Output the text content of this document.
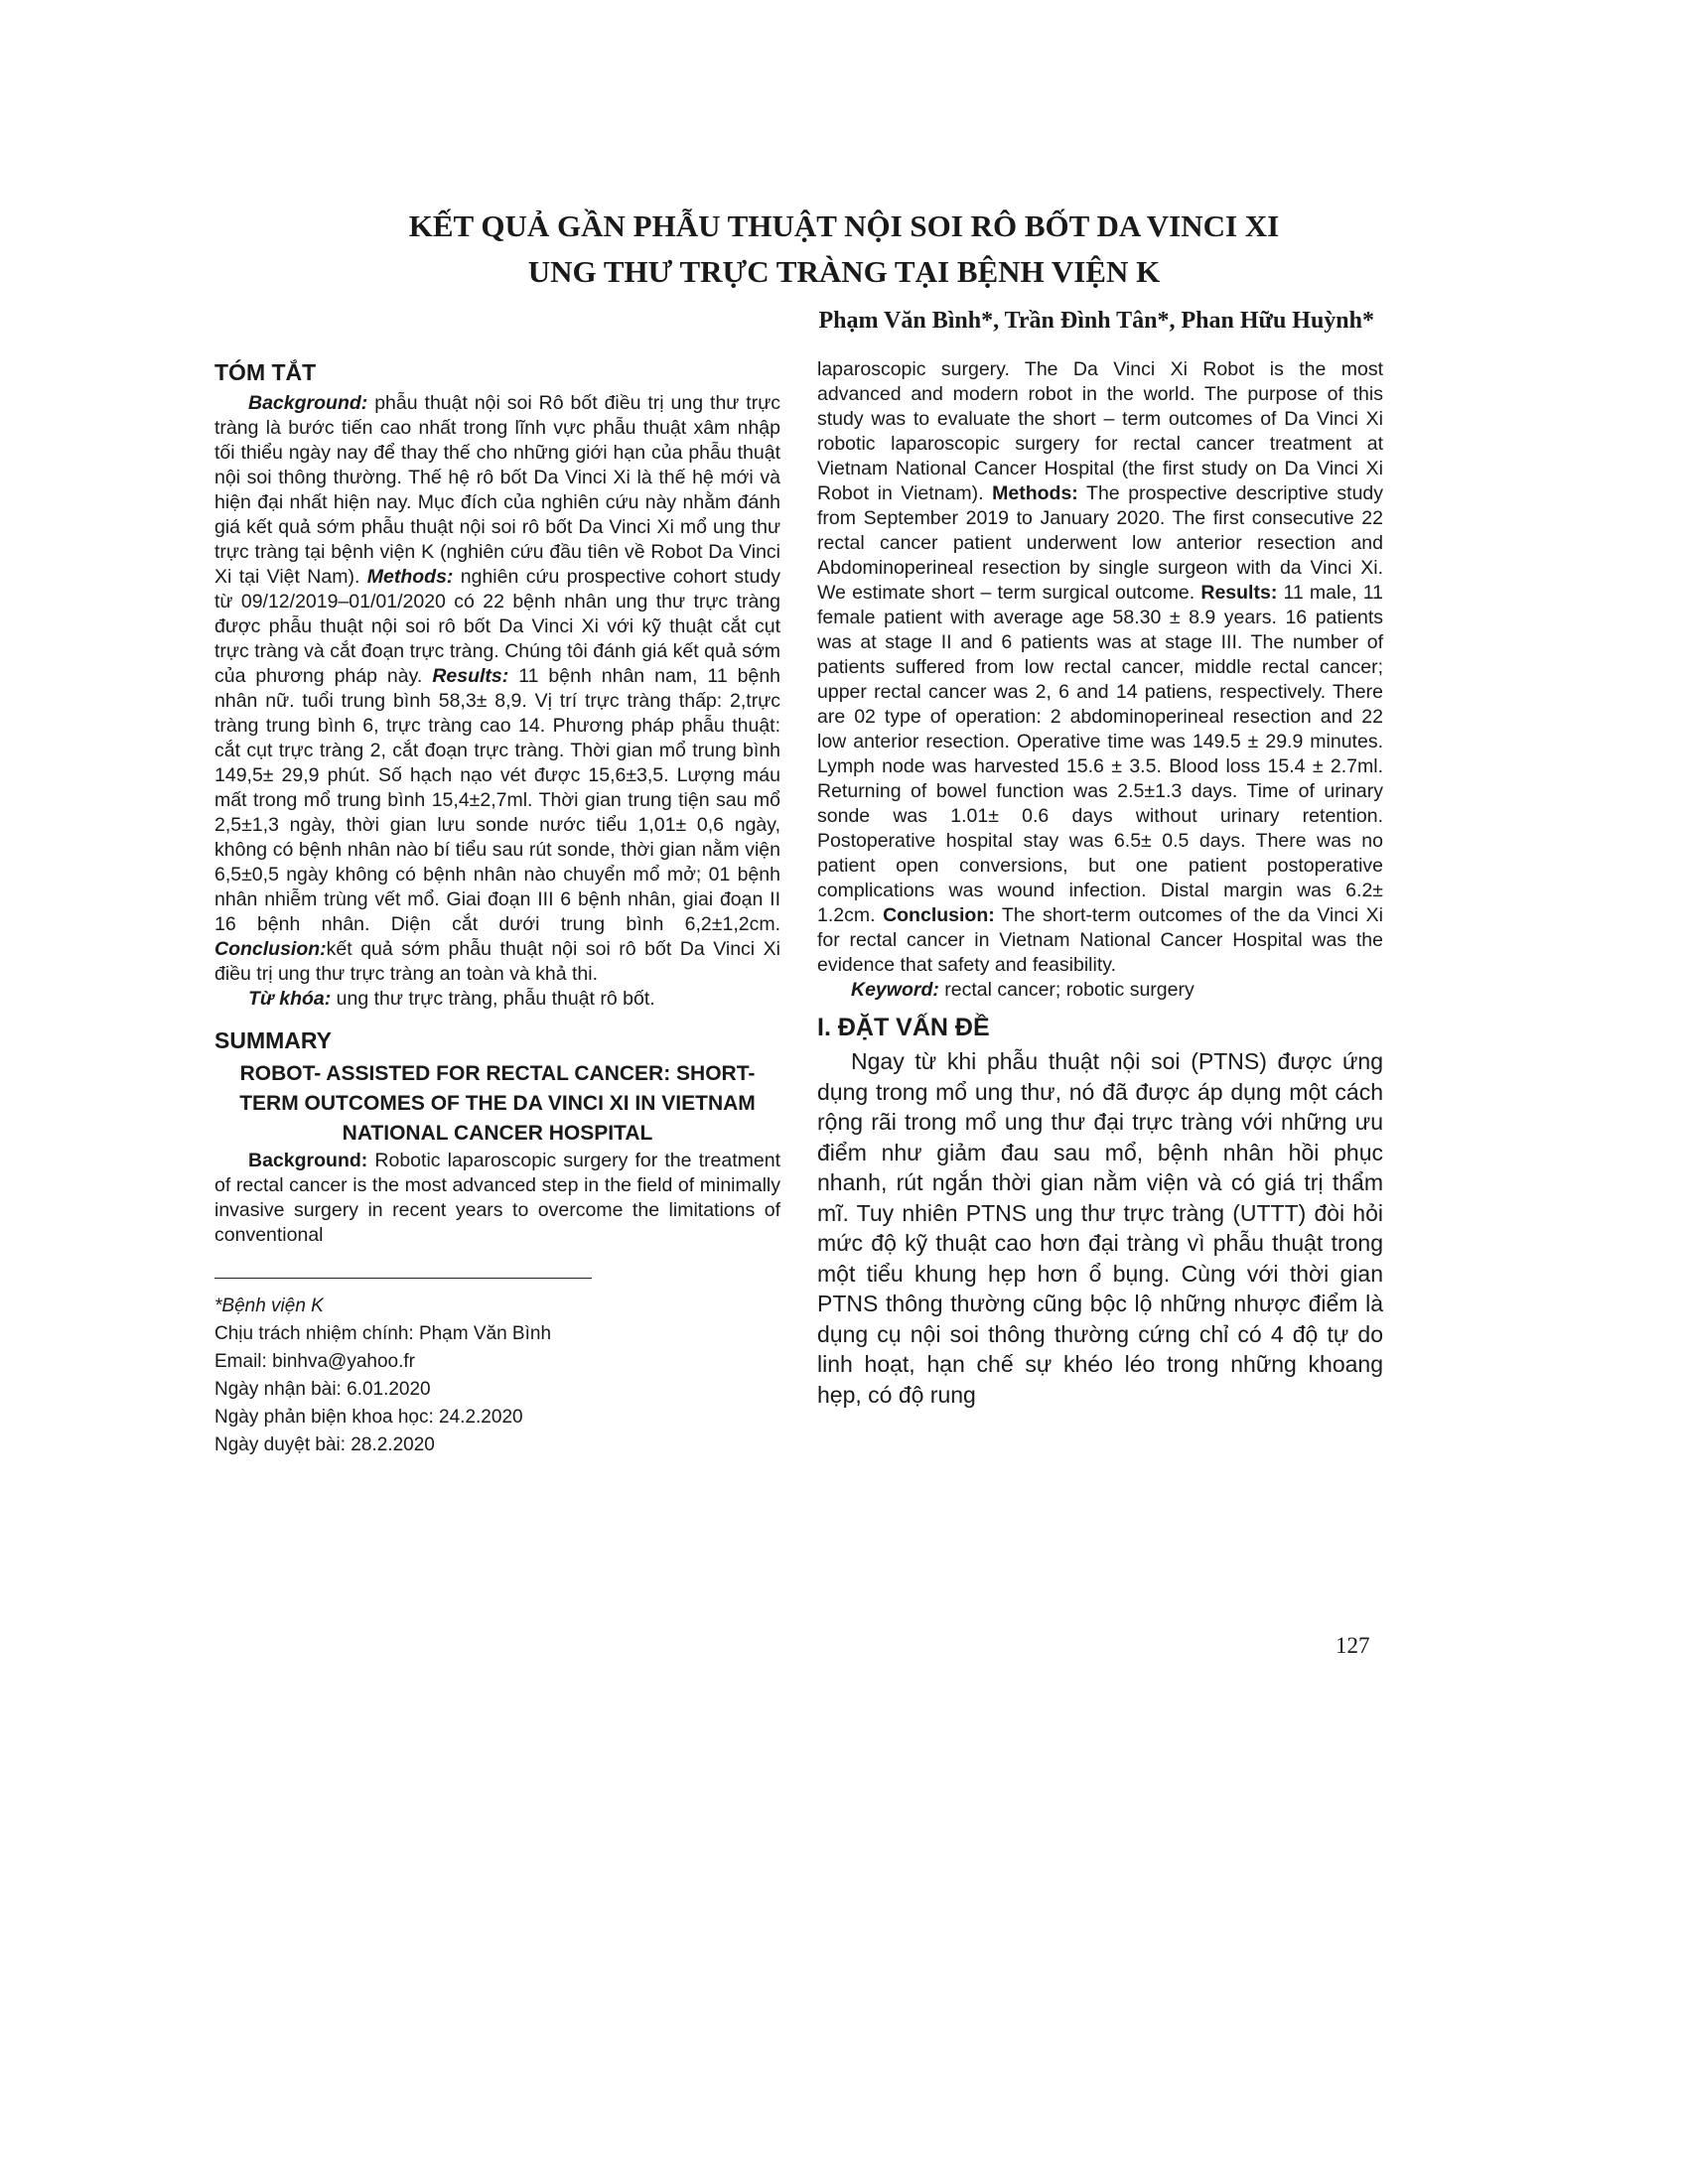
KẾT QUẢ GẦN PHẪU THUẬT NỘI SOI RÔ BỐT DA VINCI XI
UNG THƯ TRỰC TRÀNG TẠI BỆNH VIỆN K
Phạm Văn Bình*, Trần Đình Tân*, Phan Hữu Huỳnh*
TÓM TẮT

Background: phẫu thuật nội soi Rô bốt điều trị ung thư trực tràng là bước tiến cao nhất trong lĩnh vực phẫu thuật xâm nhập tối thiểu ngày nay để thay thế cho những giới hạn của phẫu thuật nội soi thông thường. Thế hệ rô bốt Da Vinci Xi là thế hệ mới và hiện đại nhất hiện nay. Mục đích của nghiên cứu này nhằm đánh giá kết quả sớm phẫu thuật nội soi rô bốt Da Vinci Xi mổ ung thư trực tràng tại bệnh viện K (nghiên cứu đầu tiên về Robot Da Vinci Xi tại Việt Nam). Methods: nghiên cứu prospective cohort study từ 09/12/2019–01/01/2020 có 22 bệnh nhân ung thư trực tràng được phẫu thuật nội soi rô bốt Da Vinci Xi với kỹ thuật cắt cụt trực tràng và cắt đoạn trực tràng. Chúng tôi đánh giá kết quả sớm của phương pháp này. Results: 11 bệnh nhân nam, 11 bệnh nhân nữ. tuổi trung bình 58,3± 8,9. Vị trí trực tràng thấp: 2,trực tràng trung bình 6, trực tràng cao 14. Phương pháp phẫu thuật: cắt cụt trực tràng 2, cắt đoạn trực tràng. Thời gian mổ trung bình 149,5± 29,9 phút. Số hạch nạo vét được 15,6±3,5. Lượng máu mất trong mổ trung bình 15,4±2,7ml. Thời gian trung tiện sau mổ 2,5±1,3 ngày, thời gian lưu sonde nước tiểu 1,01± 0,6 ngày, không có bệnh nhân nào bí tiểu sau rút sonde, thời gian nằm viện 6,5±0,5 ngày không có bệnh nhân nào chuyển mổ mở; 01 bệnh nhân nhiễm trùng vết mổ. Giai đoạn III 6 bệnh nhân, giai đoạn II 16 bệnh nhân. Diện cắt dưới trung bình 6,2±1,2cm. Conclusion:kết quả sớm phẫu thuật nội soi rô bốt Da Vinci Xi điều trị ung thư trực tràng an toàn và khả thi.

Từ khóa: ung thư trực tràng, phẫu thuật rô bốt.

SUMMARY
ROBOT- ASSISTED FOR RECTAL CANCER: SHORT-TERM OUTCOMES OF THE DA VINCI XI IN VIETNAM NATIONAL CANCER HOSPITAL

Background: Robotic laparoscopic surgery for the treatment of rectal cancer is the most advanced step in the field of minimally invasive surgery in recent years to overcome the limitations of conventional

*Bệnh viện K
Chịu trách nhiệm chính: Phạm Văn Bình
Email: binhva@yahoo.fr
Ngày nhận bài: 6.01.2020
Ngày phản biện khoa học: 24.2.2020
Ngày duyệt bài: 28.2.2020

laparoscopic surgery. The Da Vinci Xi Robot is the most advanced and modern robot in the world. The purpose of this study was to evaluate the short – term outcomes of Da Vinci Xi robotic laparoscopic surgery for rectal cancer treatment at Vietnam National Cancer Hospital (the first study on Da Vinci Xi Robot in Vietnam). Methods: The prospective descriptive study from September 2019 to January 2020. The first consecutive 22 rectal cancer patient underwent low anterior resection and Abdominoperineal resection by single surgeon with da Vinci Xi. We estimate short – term surgical outcome. Results: 11 male, 11 female patient with average age 58.30 ± 8.9 years. 16 patients was at stage II and 6 patients was at stage III. The number of patients suffered from low rectal cancer, middle rectal cancer; upper rectal cancer was 2, 6 and 14 patiens, respectively. There are 02 type of operation: 2 abdominoperineal resection and 22 low anterior resection. Operative time was 149.5 ± 29.9 minutes. Lymph node was harvested 15.6 ± 3.5. Blood loss 15.4 ± 2.7ml. Returning of bowel function was 2.5±1.3 days. Time of urinary sonde was 1.01± 0.6 days without urinary retention. Postoperative hospital stay was 6.5± 0.5 days. There was no patient open conversions, but one patient postoperative complications was wound infection. Distal margin was 6.2± 1.2cm. Conclusion: The short-term outcomes of the da Vinci Xi for rectal cancer in Vietnam National Cancer Hospital was the evidence that safety and feasibility.

Keyword: rectal cancer; robotic surgery

I. ĐẶT VẤN ĐỀ

Ngay từ khi phẫu thuật nội soi (PTNS) được ứng dụng trong mổ ung thư, nó đã được áp dụng một cách rộng rãi trong mổ ung thư đại trực tràng với những ưu điểm như giảm đau sau mổ, bệnh nhân hồi phục nhanh, rút ngắn thời gian nằm viện và có giá trị thẩm mĩ. Tuy nhiên PTNS ung thư trực tràng (UTTT) đòi hỏi mức độ kỹ thuật cao hơn đại tràng vì phẫu thuật trong một tiểu khung hẹp hơn ổ bụng. Cùng với thời gian PTNS thông thường cũng bộc lộ những nhược điểm là dụng cụ nội soi thông thường cứng chỉ có 4 độ tự do linh hoạt, hạn chế sự khéo léo trong những khoang hẹp, có độ rung

127
